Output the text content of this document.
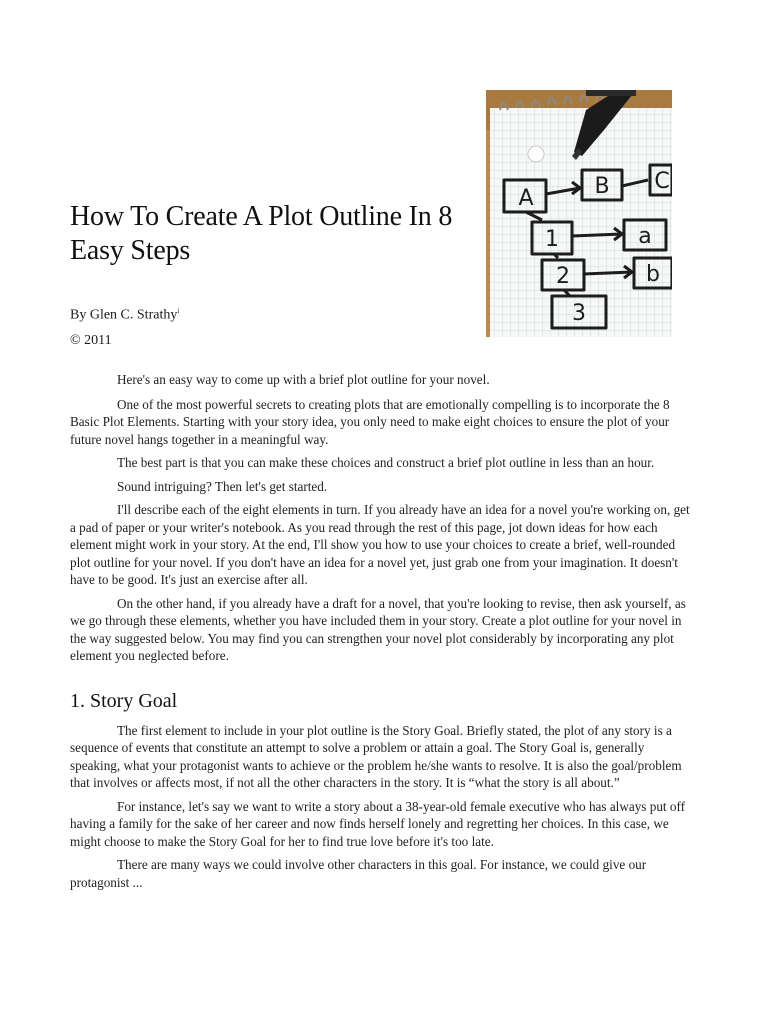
A	B C
1	a
2	b
3
How To Create A Plot Outline In 8 Easy Steps
By Glen C. Strathy$^i$
© 2011

Here's an easy way to come up with a brief plot outline for your novel.

One of the most powerful secrets to creating plots that are emotionally compelling is to incorporate the 8 Basic Plot Elements. Starting with your story idea, you only need to make eight choices to ensure the plot of your future novel hangs together in a meaningful way.

The best part is that you can make these choices and construct a brief plot outline in less than an hour.

Sound intriguing? Then let's get started.

I'll describe each of the eight elements in turn. If you already have an idea for a novel you're working on, get a pad of paper or your writer's notebook. As you read through the rest of this page, jot down ideas for how each element might work in your story. At the end, I'll show you how to use your choices to create a brief, well-rounded plot outline for your novel. If you don't have an idea for a novel yet, just grab one from your imagination. It doesn't have to be good. It's just an exercise after all.

On the other hand, if you already have a draft for a novel, that you're looking to revise, then ask yourself, as we go through these elements, whether you have included them in your story. Create a plot outline for your novel in the way suggested below. You may find you can strengthen your novel plot considerably by incorporating any plot element you neglected before.

1. Story Goal

The first element to include in your plot outline is the Story Goal. Briefly stated, the plot of any story is a sequence of events that constitute an attempt to solve a problem or attain a goal. The Story Goal is, generally speaking, what your protagonist wants to achieve or the problem he/she wants to resolve. It is also the goal/problem that involves or affects most, if not all the other characters in the story. It is “what the story is all about.”

For instance, let's say we want to write a story about a 38-year-old female executive who has always put off having a family for the sake of her career and now finds herself lonely and regretting her choices. In this case, we might choose to make the Story Goal for her to find true love before it's too late.

There are many ways we could involve other characters in this goal. For instance, we could give our protagonist ...
